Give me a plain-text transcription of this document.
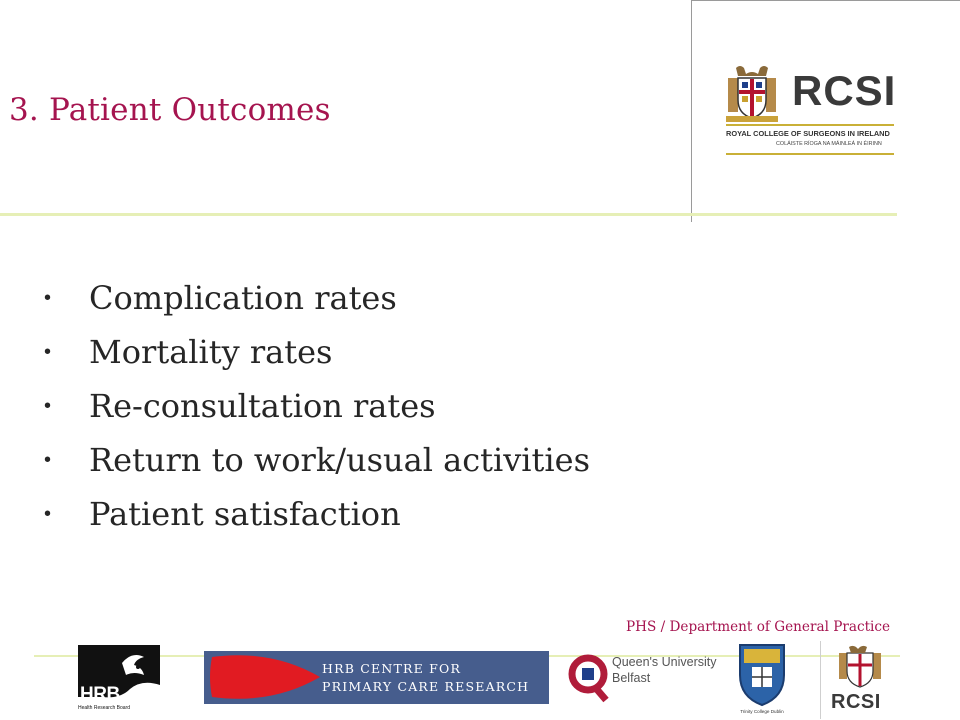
3. Patient Outcomes	RCSI
ROYAL COLLEGE OF SURGEONS IN IRELAND
COLÁISTE RÍOGA NA MÁINLEÁ IN ÉIRINN
• Complication rates
• Mortality rates
• Re-consultation rates
• Return to work/usual activities
• Patient satisfaction
PHS / Department of General Practice
HRB
Health Research Board
HRB CENTRE FOR
PRIMARY CARE RESEARCH
Queen's University
Belfast
Trinity College Dublin	RCSI
